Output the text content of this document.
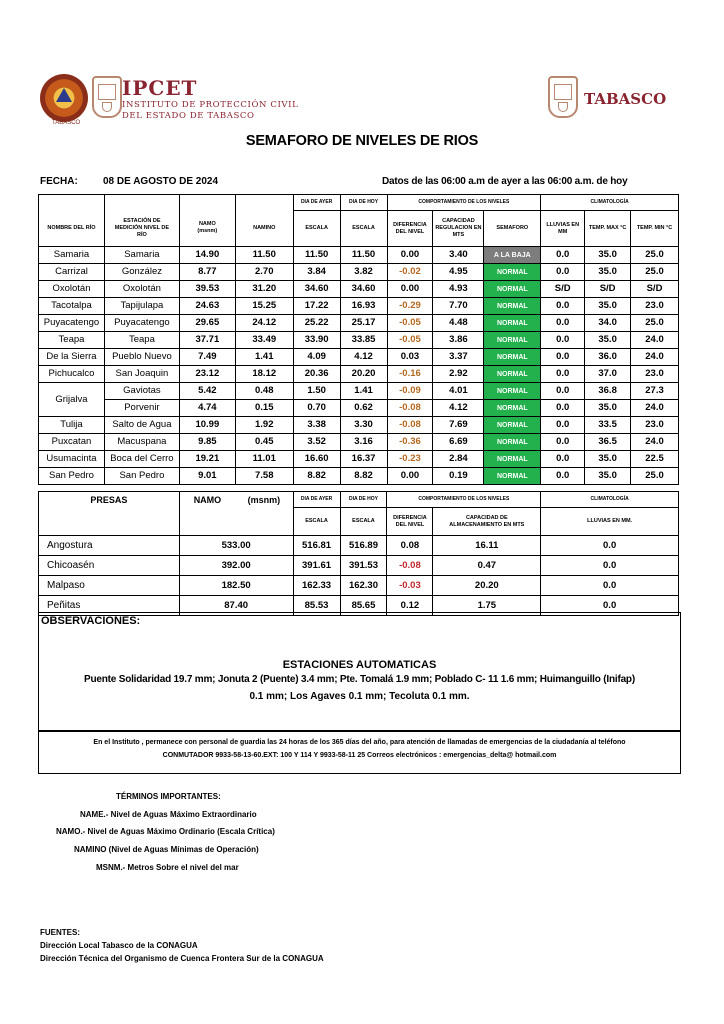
TABASCO
IPCET
INSTITUTO DE PROTECCIÓN CIVIL
DEL ESTADO DE TABASCO
TABASCO
SEMAFORO DE NIVELES DE RIOS
FECHA:	08 DE AGOSTO DE 2024	Datos de las 06:00 a.m de ayer a las 06:00 a.m. de hoy
				DIA DE AYER	DIA DE HOY	COMPORTAMIENTO DE LOS NIVELES			CLIMATOLOGÍA		
NOMBRE DEL RÍO	ESTACIÓN DE MEDICIÓN NIVEL DE RÍO	NAMO (msnm)	NAMINO	ESCALA	ESCALA	DIFERENCIA DEL NIVEL	CAPACIDAD REGULACION EN MTS	SEMAFORO	LLUVIAS EN MM	TEMP. MAX °C	TEMP. MIN °C
Samaria	Samaria	14.90	11.50	11.50	11.50	0.00	3.40	A LA BAJA	0.0	35.0	25.0
Carrizal	González	8.77	2.70	3.84	3.82	-0.02	4.95	NORMAL	0.0	35.0	25.0
Oxolotán	Oxolotán	39.53	31.20	34.60	34.60	0.00	4.93	NORMAL	S/D	S/D	S/D
Tacotalpa	Tapijulapa	24.63	15.25	17.22	16.93	-0.29	7.70	NORMAL	0.0	35.0	23.0
Puyacatengo	Puyacatengo	29.65	24.12	25.22	25.17	-0.05	4.48	NORMAL	0.0	34.0	25.0
Teapa	Teapa	37.71	33.49	33.90	33.85	-0.05	3.86	NORMAL	0.0	35.0	24.0
De la Sierra	Pueblo Nuevo	7.49	1.41	4.09	4.12	0.03	3.37	NORMAL	0.0	36.0	24.0
Pichucalco	San Joaquin	23.12	18.12	20.36	20.20	-0.16	2.92	NORMAL	0.0	37.0	23.0
Grijalva	Gaviotas	5.42	0.48	1.50	1.41	-0.09	4.01	NORMAL	0.0	36.8	27.3
	Porvenir	4.74	0.15	0.70	0.62	-0.08	4.12	NORMAL	0.0	35.0	24.0
Tulija	Salto de Agua	10.99	1.92	3.38	3.30	-0.08	7.69	NORMAL	0.0	33.5	23.0
Puxcatan	Macuspana	9.85	0.45	3.52	3.16	-0.36	6.69	NORMAL	0.0	36.5	24.0
Usumacinta	Boca del Cerro	19.21	11.01	16.60	16.37	-0.23	2.84	NORMAL	0.0	35.0	22.5
San Pedro	San Pedro	9.01	7.58	8.82	8.82	0.00	0.19	NORMAL	0.0	35.0	25.0
PRESAS	NAMO	(msnm)	DIA DE AYER	DIA DE HOY	COMPORTAMIENTO DE LOS NIVELES		CLIMATOLOGÍA
			ESCALA	ESCALA	DIFERENCIA DEL NIVEL	CAPACIDAD DE ALMACENAMIENTO EN MTS	LLUVIAS EN MM.
Angostura	533.00		516.81	516.89	0.08	16.11	0.0
Chicoasén	392.00		391.61	391.53	-0.08	0.47	0.0
Malpaso	182.50		162.33	162.30	-0.03	20.20	0.0
Peñitas	87.40		85.53	85.65	0.12	1.75	0.0
OBSERVACIONES:
ESTACIONES AUTOMATICAS
Puente Solidaridad 19.7 mm; Jonuta 2 (Puente) 3.4 mm; Pte. Tomalá 1.9 mm; Poblado C- 11 1.6 mm; Huimanguillo (Inifap)
0.1 mm; Los Agaves 0.1 mm; Tecoluta 0.1 mm.
En el Instituto , permanece con personal de guardia las 24 horas de los 365 días del año, para atención de llamadas de emergencias de la ciudadanía al teléfono
CONMUTADOR 9933-58-13-60.EXT: 100 Y 114 Y 9933-58-11 25 Correos electrónicos : emergencias_delta@ hotmail.com
TÉRMINOS IMPORTANTES:
NAME.- Nivel de Aguas Máximo Extraordinario
NAMO.- Nivel de Aguas Máximo Ordinario (Escala Crítica)
NAMINO (Nivel de Aguas Mínimas de Operación)
MSNM.- Metros Sobre el nivel del mar
FUENTES:
Dirección Local Tabasco de la CONAGUA
Dirección Técnica del Organismo de Cuenca Frontera Sur de la CONAGUA
